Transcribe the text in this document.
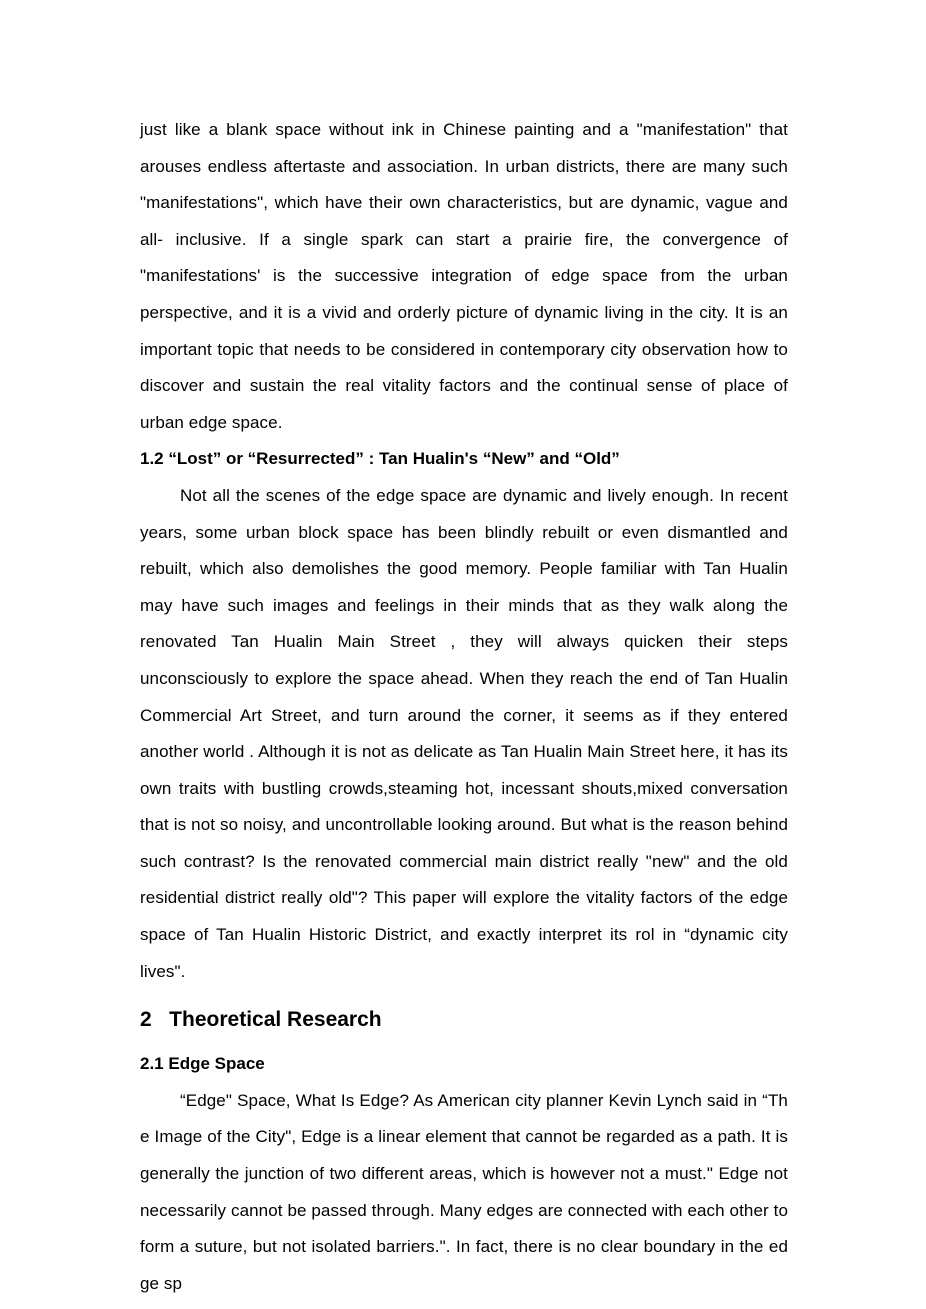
just like a blank space without ink in Chinese painting and a "manifestation" that arouses endless aftertaste and association. In urban districts, there are many such "manifestations", which have their own characteristics, but are dynamic, vague and all- inclusive. If a single spark can start a prairie fire, the convergence of "manifestations' is the successive integration of edge space from the urban perspective, and it is a vivid and orderly picture of dynamic living in the city. It is an important topic that needs to be considered in contemporary city observation how to discover and sustain the real vitality factors and the continual sense of place of urban edge space.

1.2 “Lost” or “Resurrected” : Tan Hualin's “New” and “Old”

Not all the scenes of the edge space are dynamic and lively enough. In recent years, some urban block space has been blindly rebuilt or even dismantled and rebuilt, which also demolishes the good memory. People familiar with Tan Hualin may have such images and feelings in their minds that as they walk along the renovated Tan Hualin Main Street , they will always quicken their steps unconsciously to explore the space ahead. When they reach the end of Tan Hualin Commercial Art Street, and turn around the corner, it seems as if they entered another world . Although it is not as delicate as Tan Hualin Main Street here, it has its own traits with bustling crowds,steaming hot, incessant shouts,mixed conversation that is not so noisy, and uncontrollable looking around. But what is the reason behind such contrast? Is the renovated commercial main district really "new" and the old residential district really old"? This paper will explore the vitality factors of the edge space of Tan Hualin Historic District, and exactly interpret its rol in “dynamic city lives".

2   Theoretical Research
2.1 Edge Space

“Edge" Space, What Is Edge? As American city planner Kevin Lynch said in “The Image of the City", Edge is a linear element that cannot be regarded as a path. It is generally the junction of two different areas, which is however not a must." Edge not necessarily cannot be passed through. Many edges are connected with each other to form a suture, but not isolated barriers.". In fact, there is no clear boundary in the edge sp
